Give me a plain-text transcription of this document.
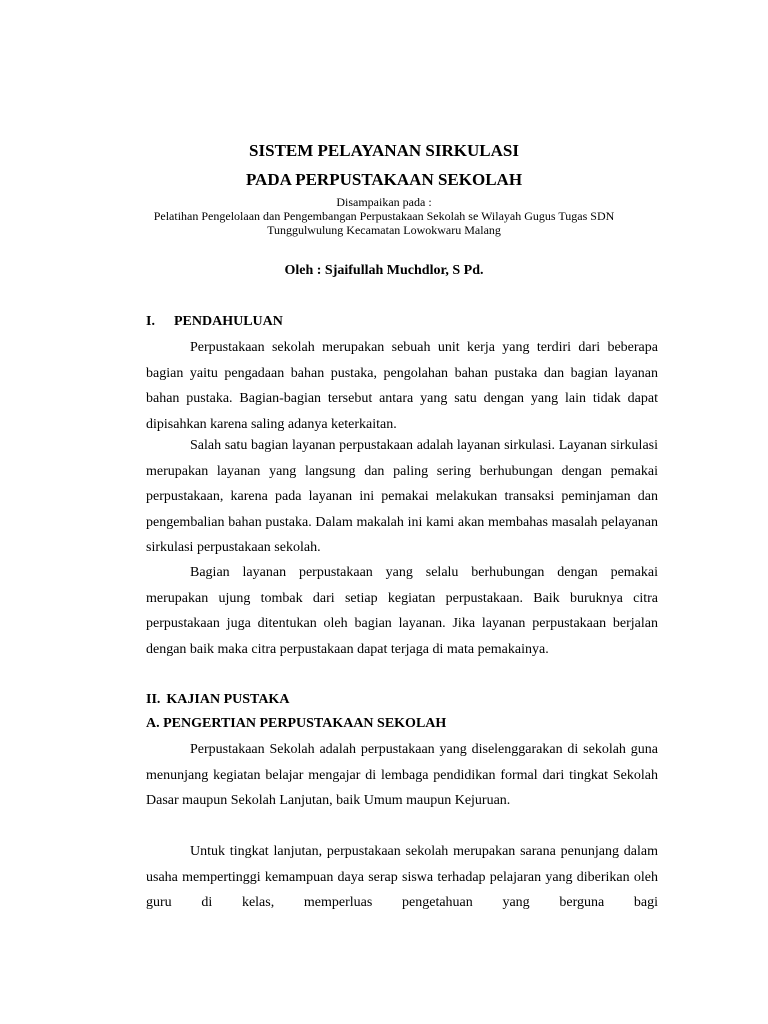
SISTEM PELAYANAN SIRKULASI
PADA PERPUSTAKAAN SEKOLAH
Disampaikan pada :
Pelatihan Pengelolaan dan Pengembangan Perpustakaan Sekolah se Wilayah Gugus Tugas SDN
Tunggulwulung Kecamatan Lowokwaru Malang
Oleh : Sjaifullah Muchdlor, S Pd.
I. PENDAHULUAN

Perpustakaan sekolah merupakan sebuah unit kerja yang terdiri dari beberapa bagian yaitu pengadaan bahan pustaka, pengolahan bahan pustaka dan bagian layanan bahan pustaka. Bagian-bagian tersebut antara yang satu dengan yang lain tidak dapat dipisahkan karena saling adanya keterkaitan.

Salah satu bagian layanan perpustakaan adalah layanan sirkulasi. Layanan sirkulasi merupakan layanan yang langsung dan paling sering berhubungan dengan pemakai perpustakaan, karena pada layanan ini pemakai melakukan transaksi peminjaman dan pengembalian bahan pustaka. Dalam makalah ini kami akan membahas masalah pelayanan sirkulasi perpustakaan sekolah.

Bagian layanan perpustakaan yang selalu berhubungan dengan pemakai merupakan ujung tombak dari setiap kegiatan perpustakaan. Baik buruknya citra perpustakaan juga ditentukan oleh bagian layanan. Jika layanan perpustakaan berjalan dengan baik maka citra perpustakaan dapat terjaga di mata pemakainya.

II. KAJIAN PUSTAKA
A. PENGERTIAN PERPUSTAKAAN SEKOLAH

Perpustakaan Sekolah adalah perpustakaan yang diselenggarakan di sekolah guna menunjang kegiatan belajar mengajar di lembaga pendidikan formal dari tingkat Sekolah Dasar maupun Sekolah Lanjutan, baik Umum maupun Kejuruan.

Untuk tingkat lanjutan, perpustakaan sekolah merupakan sarana penunjang dalam usaha mempertinggi kemampuan daya serap siswa terhadap pelajaran yang diberikan oleh guru di kelas, memperluas pengetahuan yang berguna bagi
